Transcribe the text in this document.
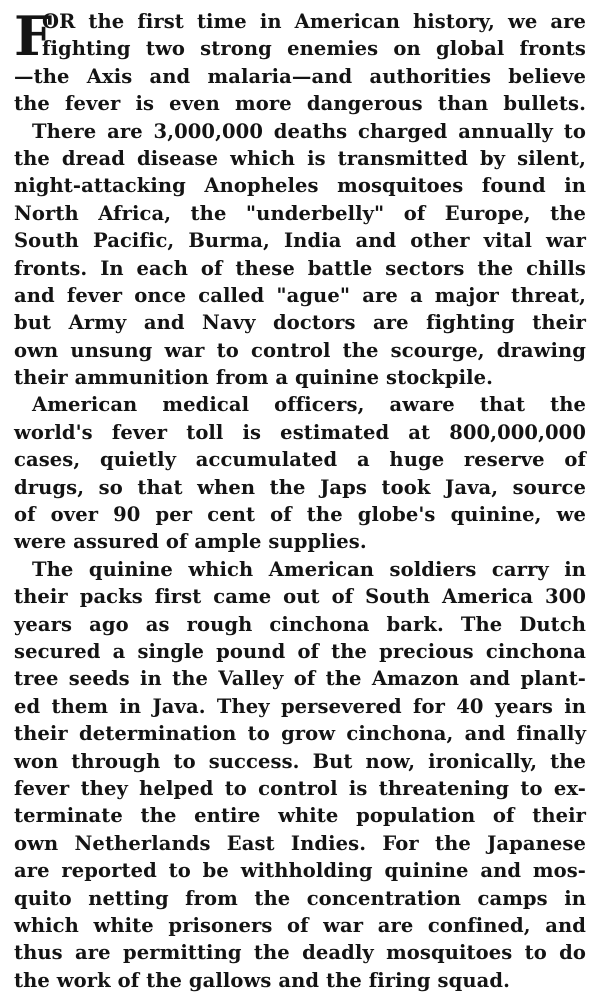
F
OR the first time in American history, we are
fighting two strong enemies on global fronts
—the Axis and malaria—and authorities believe
the fever is even more dangerous than bullets.
There are 3,000,000 deaths charged annually to
the dread disease which is transmitted by silent,
night-attacking Anopheles mosquitoes found in
North Africa, the "underbelly" of Europe, the
South Pacific, Burma, India and other vital war
fronts. In each of these battle sectors the chills
and fever once called "ague" are a major threat,
but Army and Navy doctors are fighting their
own unsung war to control the scourge, drawing
their ammunition from a quinine stockpile.
American medical officers, aware that the
world's fever toll is estimated at 800,000,000
cases, quietly accumulated a huge reserve of
drugs, so that when the Japs took Java, source
of over 90 per cent of the globe's quinine, we
were assured of ample supplies.
The quinine which American soldiers carry in
their packs first came out of South America 300
years ago as rough cinchona bark. The Dutch
secured a single pound of the precious cinchona
tree seeds in the Valley of the Amazon and plant-
ed them in Java. They persevered for 40 years in
their determination to grow cinchona, and finally
won through to success. But now, ironically, the
fever they helped to control is threatening to ex-
terminate the entire white population of their
own Netherlands East Indies. For the Japanese
are reported to be withholding quinine and mos-
quito netting from the concentration camps in
which white prisoners of war are confined, and
thus are permitting the deadly mosquitoes to do
the work of the gallows and the firing squad.
